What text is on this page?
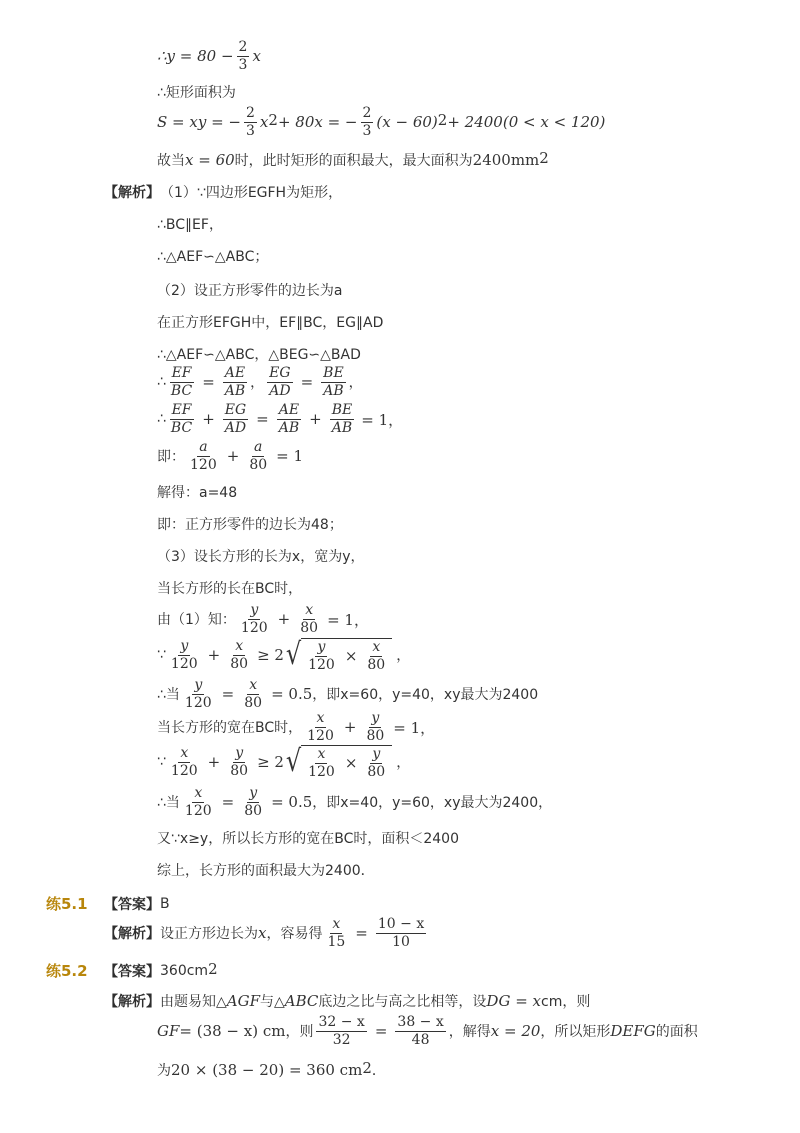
∴y = $80 - \frac{2}{3}$ x
∴矩形面积为
S = xy = − $\frac{2}{3} x^2 + 80x$ = − $\frac{2}{3} (x - 60)^2 + 2400(0 < x < 120)$
故当 x = 60 时，此时矩形的面积最大，最大面积为 $2400mm^2$
【解析】 （1）∵四边形EGFH为矩形，
∴BC∥EF，
∴△AEF∽△ABC；
（2）设正方形零件的边长为a
在正方形EFGH中，EF∥BC，EG∥AD
∴△AEF∽△ABC，△BEG∽△BAD
∴ $\frac{EF}{BC} = \frac{AE}{AB}$ ， $\frac{EG}{AD} = \frac{BE}{AB}$ ，
∴ $\frac{EF}{BC} + \frac{EG}{AD} = \frac{AE}{AB} + \frac{BE}{AB} = 1$，
即： $\frac{a}{120} + \frac{a}{80} = 1$
解得：a=48
即：正方形零件的边长为48；
（3）设长方形的长为x，宽为y，
当长方形的长在BC时，
由（1）知： $\frac{y}{120} + \frac{x}{80} = 1$，
∵ $\frac{y}{120} + \frac{x}{80} \ge 2$ √ $\frac{y}{120} \times \frac{x}{80}$ ，
∴当 $\frac{y}{120} = \frac{x}{80} = 0.5$ ，即x=60，y=40，xy最大为2400
当长方形的宽在BC时， $\frac{x}{120} + \frac{y}{80} = 1$，
∵ $\frac{x}{120} + \frac{y}{80} \ge 2$ √ $\frac{x}{120} \times \frac{y}{80}$ ，
∴当 $\frac{x}{120} = \frac{y}{80} = 0.5$ ，即x=40，y=60，xy最大为2400，
又∵x≥y，所以长方形的宽在BC时，面积＜2400
综上，长方形的面积最大为2400．
练5.1	【答案】 B
【解析】 设正方形边长为 x ，容易得 $\frac{x}{15} = \frac{10 - x}{10}$
练5.2	【答案】 $360cm^2$
【解析】 由题易知△ AGF 与△ ABC 底边之比与高之比相等，设 DG = x cm，则
GF = (38 − x) cm ，则 $\frac{32 - x}{32} = \frac{38 - x}{48}$ ，解得 x = 20 ，所以矩形 DEFG 的面积
为 20 × (38 − 20) = 360 $cm^2$ ．
